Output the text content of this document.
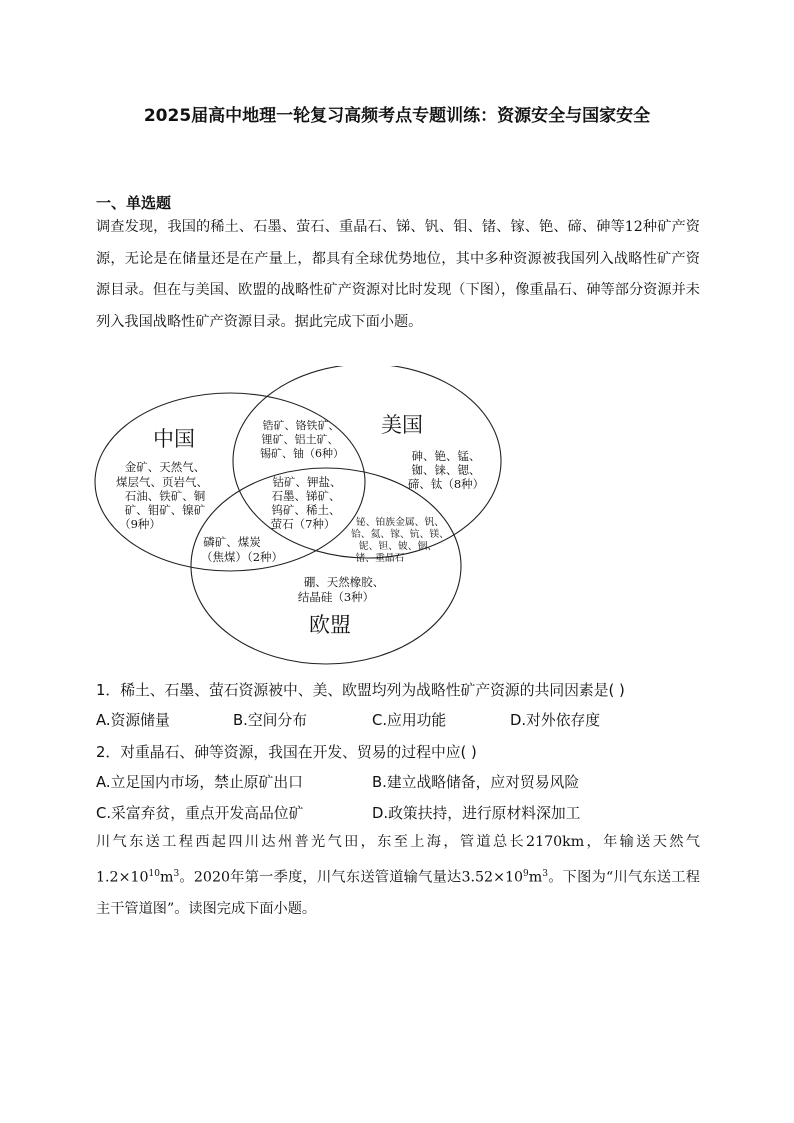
2025届高中地理一轮复习高频考点专题训练：资源安全与国家安全
一、单选题
调查发现，我国的稀土、石墨、萤石、重晶石、锑、钒、钼、锗、镓、铯、碲、砷等12种矿产资源，无论是在储量还是在产量上，都具有全球优势地位，其中多种资源被我国列入战略性矿产资源目录。但在与美国、欧盟的战略性矿产资源对比时发现（下图），像重晶石、砷等部分资源并未列入我国战略性矿产资源目录。据此完成下面小题。
中国
美国
欧盟
金矿、天然气、
煤层气、页岩气、
石油、铁矿、铜
矿、钼矿、镍矿
（9种）
锆矿、铬铁矿、
锂矿、铝土矿、
锡矿、铀（6种）	砷、铯、锰、
铷、铼、锶、
碲、钛（8种）
钴矿、钾盐、
石墨、锑矿、
钨矿、稀土、
萤石（7种）
磷矿、煤炭
（焦煤）（2种）
铋、铂族金属、钒、
铪、氦、镓、钪、镁、
铌、钽、铍、铟、
锗、重晶石
硼、天然橡胶、
结晶硅（3种）
1．稀土、石墨、萤石资源被中、美、欧盟均列为战略性矿产资源的共同因素是( )
A.资源储量	B.空间分布	C.应用功能	D.对外依存度
2．对重晶石、砷等资源，我国在开发、贸易的过程中应( )
A.立足国内市场，禁止原矿出口	B.建立战略储备，应对贸易风险
C.采富弃贫，重点开发高品位矿	D.政策扶持，进行原材料深加工
川气东送工程西起四川达州普光气田，东至上海，管道总长2170km，年输送天然气$1.2\times 10^{10}m^3$。2020年第一季度，川气东送管道输气量达$3.52\times 10^9m^3$。下图为“川气东送工程主干管道图”。读图完成下面小题。
